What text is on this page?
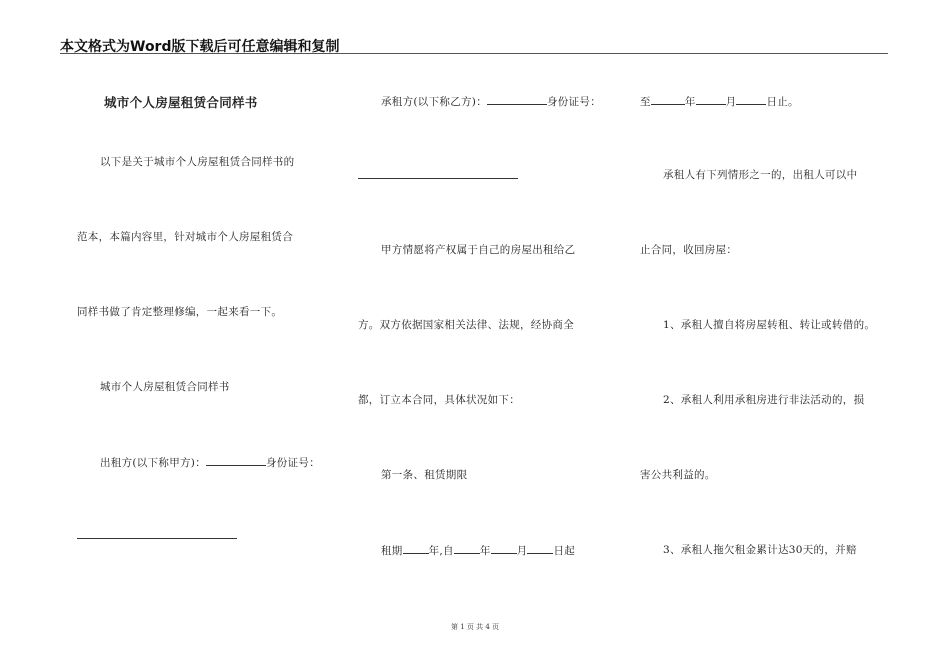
本文格式为Word版下载后可任意编辑和复制
城市个人房屋租赁合同样书
以下是关于城市个人房屋租赁合同样书的
范本，本篇内容里，针对城市个人房屋租赁合
同样书做了肯定整理修编，一起来看一下。
城市个人房屋租赁合同样书
出租方(以下称甲方)：	身份证号：
承租方(以下称乙方)：	身份证号：
甲方情愿将产权属于自己的房屋出租给乙
方。双方依据国家相关法律、法规，经协商全
都，订立本合同，具体状况如下：
第一条、租赁期限
租期 年,自 年 月 日起
至	年	月	日止。
承租人有下列情形之一的，出租人可以中
止合同，收回房屋：
1、承租人擅自将房屋转租、转让或转借的。
2、承租人利用承租房进行非法活动的，损
害公共利益的。
3、承租人拖欠租金累计达30天的，并赔
第 1 页 共 4 页
